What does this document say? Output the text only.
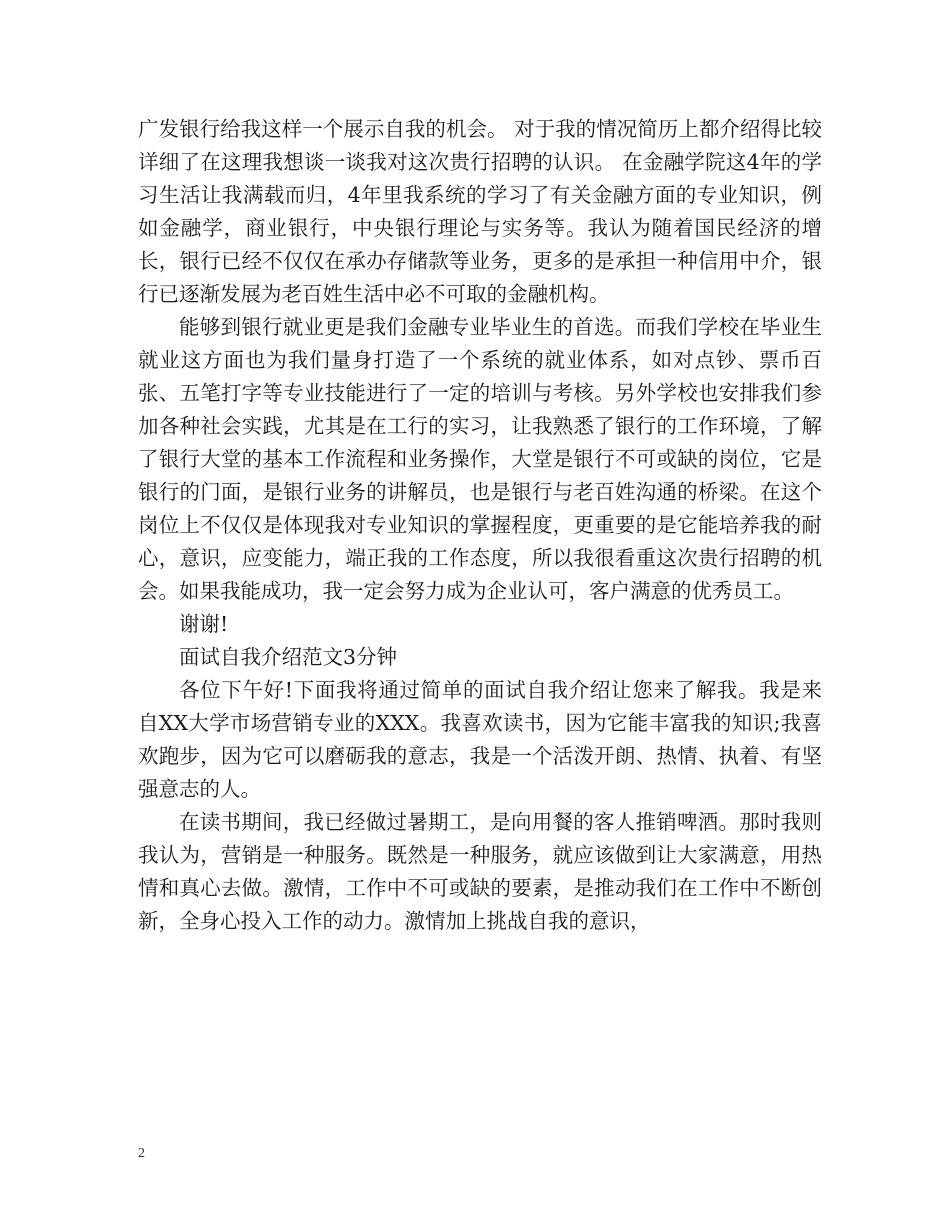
广发银行给我这样一个展示自我的机会。 对于我的情况简历上都介绍得比较详细了在这理我想谈一谈我对这次贵行招聘的认识。 在金融学院这4年的学习生活让我满载而归，4年里我系统的学习了有关金融方面的专业知识，例如金融学，商业银行，中央银行理论与实务等。我认为随着国民经济的增长，银行已经不仅仅在承办存储款等业务，更多的是承担一种信用中介，银行已逐渐发展为老百姓生活中必不可取的金融机构。

能够到银行就业更是我们金融专业毕业生的首选。而我们学校在毕业生就业这方面也为我们量身打造了一个系统的就业体系，如对点钞、票币百张、五笔打字等专业技能进行了一定的培训与考核。另外学校也安排我们参加各种社会实践，尤其是在工行的实习，让我熟悉了银行的工作环境，了解了银行大堂的基本工作流程和业务操作，大堂是银行不可或缺的岗位，它是银行的门面，是银行业务的讲解员，也是银行与老百姓沟通的桥梁。在这个岗位上不仅仅是体现我对专业知识的掌握程度，更重要的是它能培养我的耐心，意识，应变能力，端正我的工作态度，所以我很看重这次贵行招聘的机会。如果我能成功，我一定会努力成为企业认可，客户满意的优秀员工。

谢谢!

面试自我介绍范文3分钟

各位下午好!下面我将通过简单的面试自我介绍让您来了解我。我是来自XX大学市场营销专业的XXX。我喜欢读书，因为它能丰富我的知识;我喜欢跑步，因为它可以磨砺我的意志，我是一个活泼开朗、热情、执着、有坚强意志的人。

在读书期间，我已经做过暑期工，是向用餐的客人推销啤酒。那时我则我认为，营销是一种服务。既然是一种服务，就应该做到让大家满意，用热情和真心去做。激情，工作中不可或缺的要素，是推动我们在工作中不断创新，全身心投入工作的动力。激情加上挑战自我的意识，

2
